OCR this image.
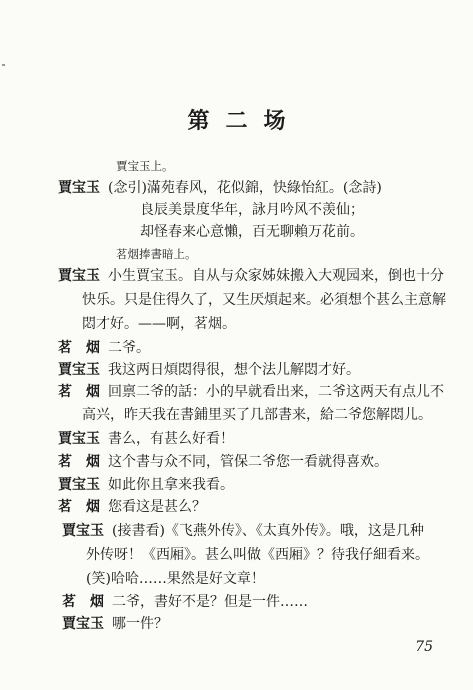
第 二 场
賈宝玉上。
賈宝玉 (念引)滿苑春风，花似錦，快綠怡紅。(念詩)
良辰美景度华年，詠月吟风不羡仙；
却怪春来心意懶，百无聊賴万花前。
茗烟捧書暗上。
賈宝玉 小生賈宝玉。自从与众家姊妹搬入大观园来，倒也十分
快乐。只是住得久了，又生厌煩起来。必須想个甚么主意解
悶才好。——啊，茗烟。
茗　烟 二爷。
賈宝玉 我这两日煩悶得很，想个法儿解悶才好。
茗　烟 回禀二爷的話：小的早就看出来，二爷这两天有点儿不
高兴，昨天我在書鋪里买了几部書来，給二爷您解悶儿。
賈宝玉 書么，有甚么好看！
茗　烟 这个書与众不同，管保二爷您一看就得喜欢。
賈宝玉 如此你且拿来我看。
茗　烟 您看这是甚么？
賈宝玉 (接書看)《飞燕外传》、《太真外传》。哦，这是几种
外传呀！《西厢》。甚么叫做《西厢》？待我仔細看来。
(笑)哈哈……果然是好文章！
茗　烟 二爷，書好不是？但是一件……
賈宝玉 哪一件？
75
